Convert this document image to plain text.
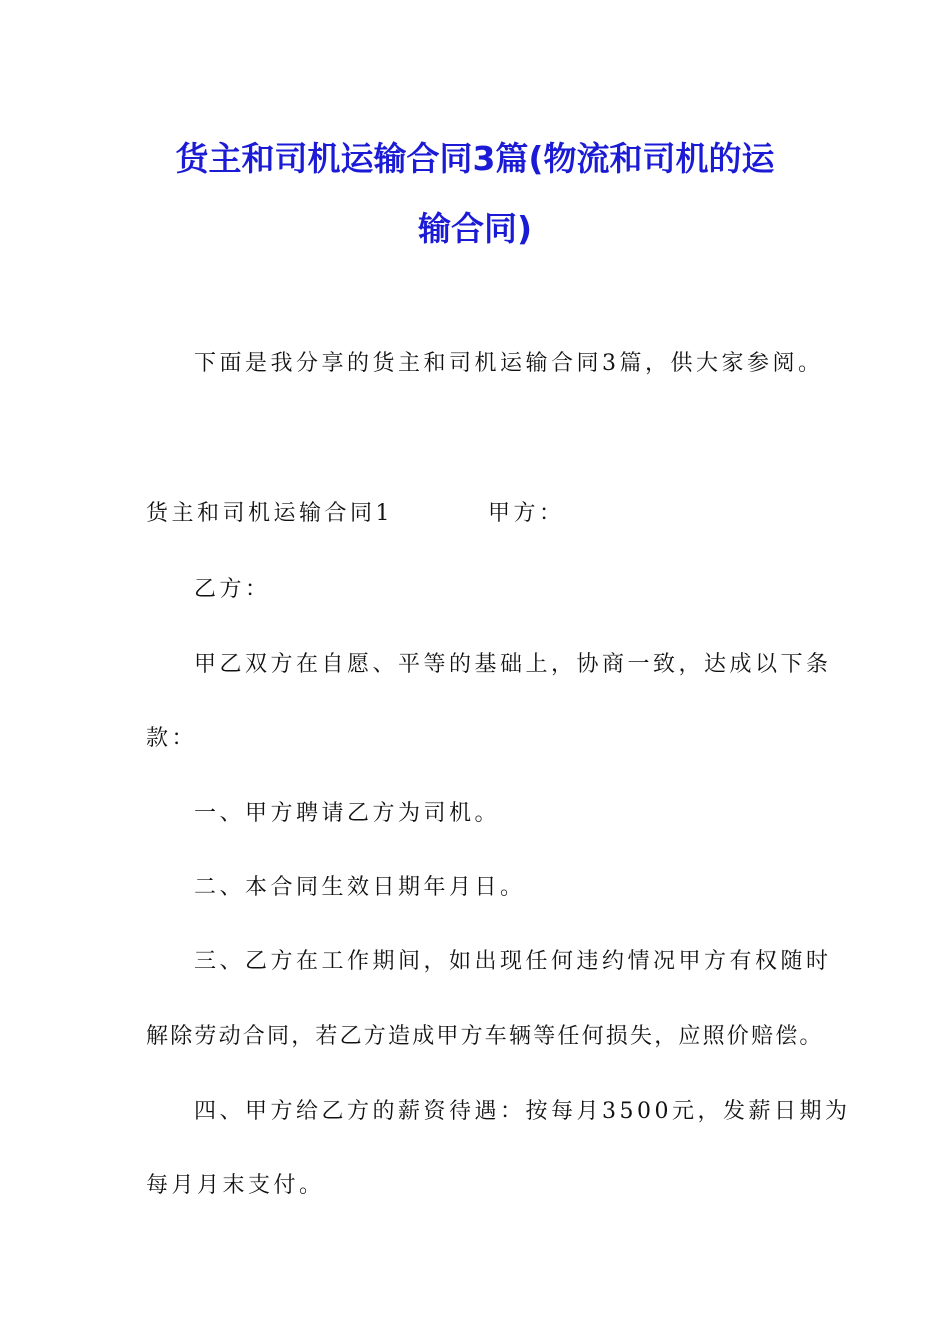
货主和司机运输合同3篇(物流和司机的运
输合同)
下面是我分享的货主和司机运输合同3篇，供大家参阅。
货主和司机运输合同1	甲方：
乙方：
甲乙双方在自愿、平等的基础上，协商一致，达成以下条
款：
一、甲方聘请乙方为司机。
二、本合同生效日期年月日。
三、乙方在工作期间，如出现任何违约情况甲方有权随时
解除劳动合同，若乙方造成甲方车辆等任何损失，应照价赔偿。
四、甲方给乙方的薪资待遇：按每月3500元，发薪日期为
每月月末支付。
